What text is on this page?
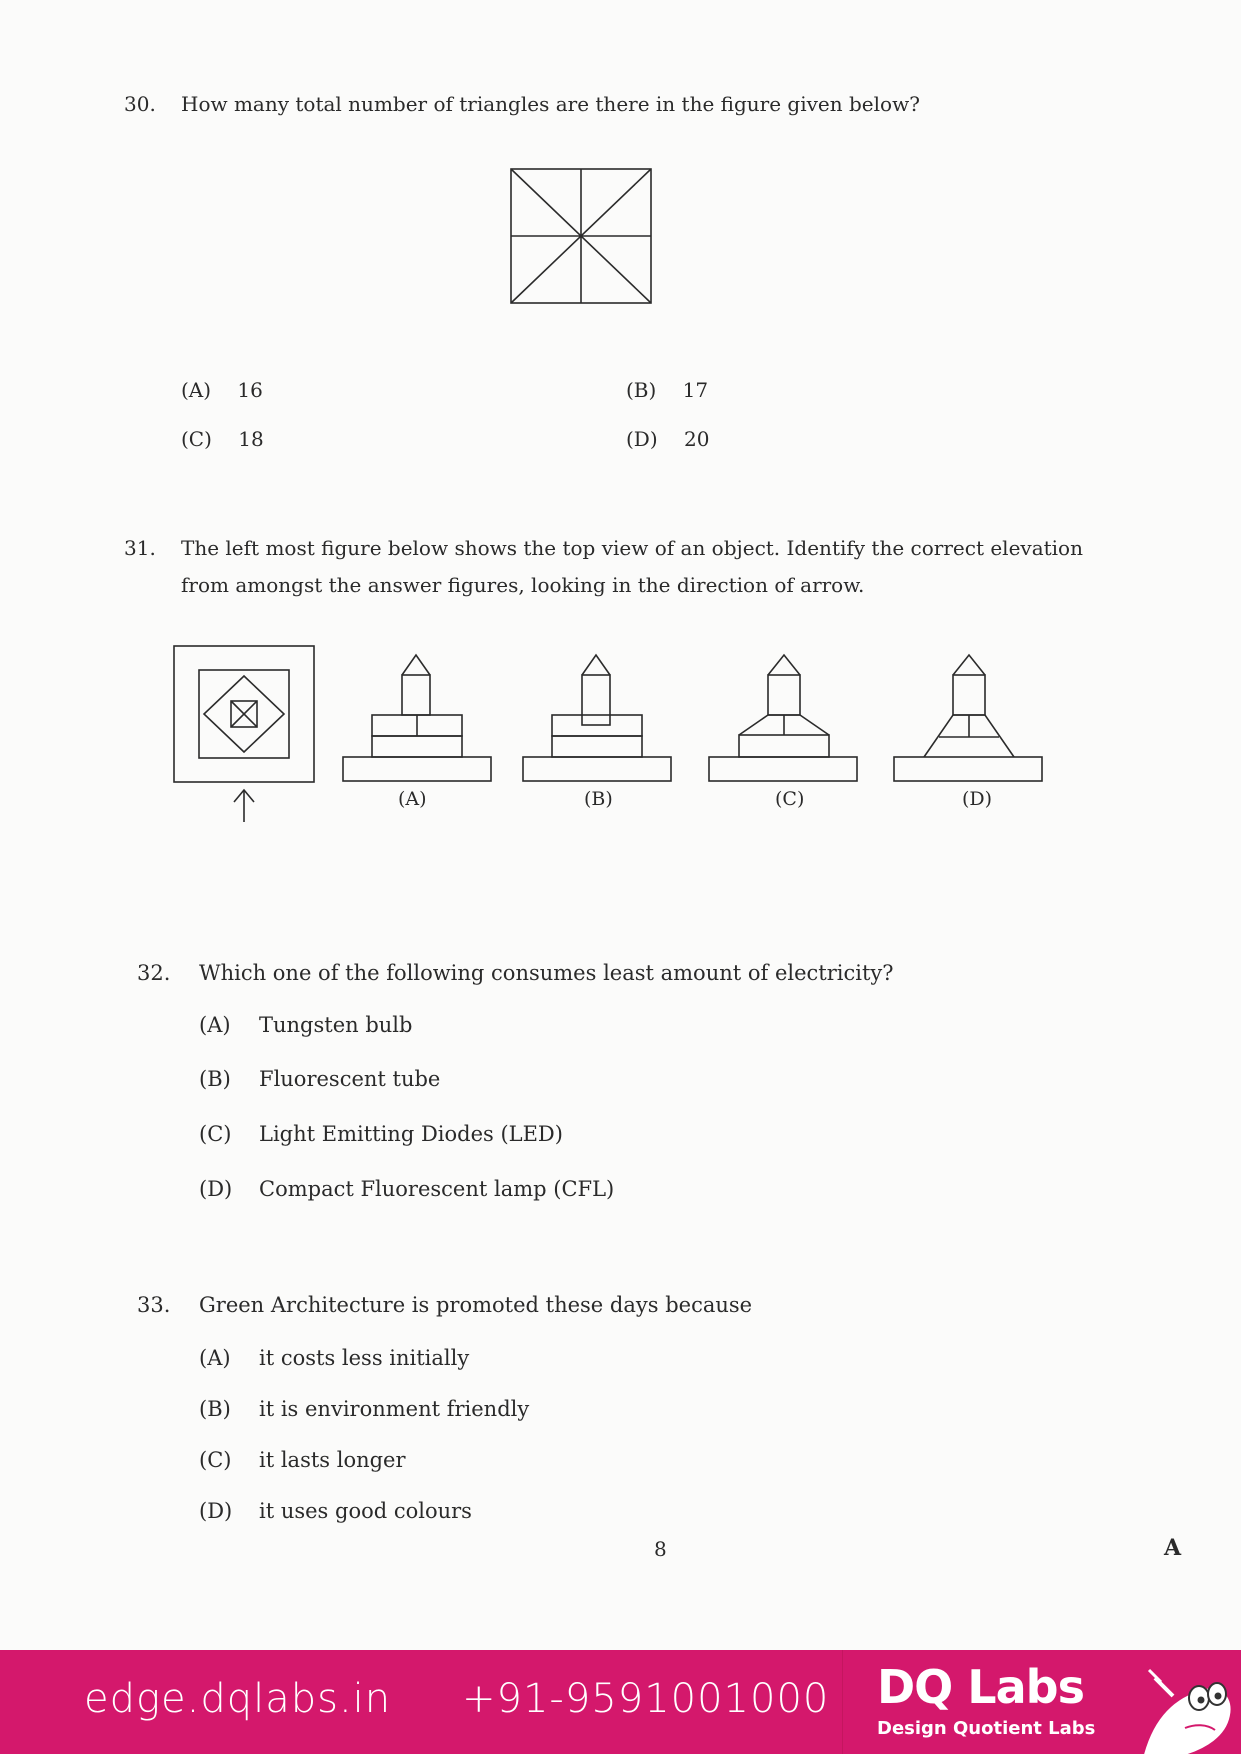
30. How many total number of triangles are there in the figure given below?
(A) 16	(B) 17
(C) 18	(D) 20
31. The left most figure below shows the top view of an object. Identify the correct elevation
from amongst the answer figures, looking in the direction of arrow.
(A)	(B)	(C)	(D)
32. Which one of the following consumes least amount of electricity?
(A) Tungsten bulb
(B) Fluorescent tube
(C) Light Emitting Diodes (LED)
(D) Compact Fluorescent lamp (CFL)
33. Green Architecture is promoted these days because
(A) it costs less initially
(B) it is environment friendly
(C) it lasts longer
(D) it uses good colours
8	A
edge.dqlabs.in +91-9591001000 DQ Labs
Design Quotient Labs
